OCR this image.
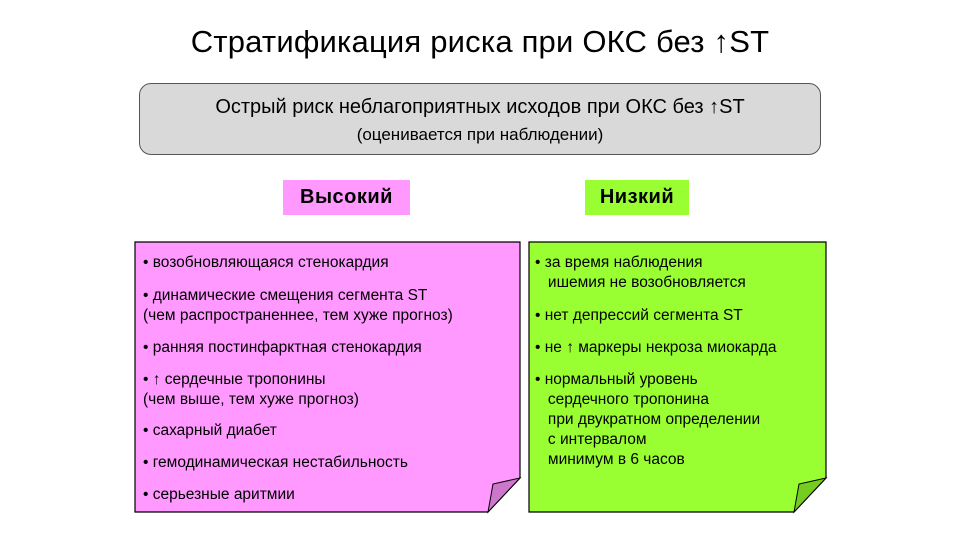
Стратификация риска при ОКС без ↑ST
Острый риск неблагоприятных исходов при ОКС без ↑ST
(оценивается при наблюдении)
Высокий	Низкий
• возобновляющаяся стенокардия
• динамические смещения сегмента ST
(чем распространеннее, тем хуже прогноз)
• ранняя постинфарктная стенокардия
• ↑ сердечные тропонины
(чем выше, тем хуже прогноз)
• сахарный диабет
• гемодинамическая нестабильность
• серьезные аритмии
• за время наблюдения
ишемия не возобновляется
• нет депрессий сегмента ST
• не ↑ маркеры некроза миокарда
• нормальный уровень
сердечного тропонина
при двукратном определении
с интервалом
минимум в 6 часов
